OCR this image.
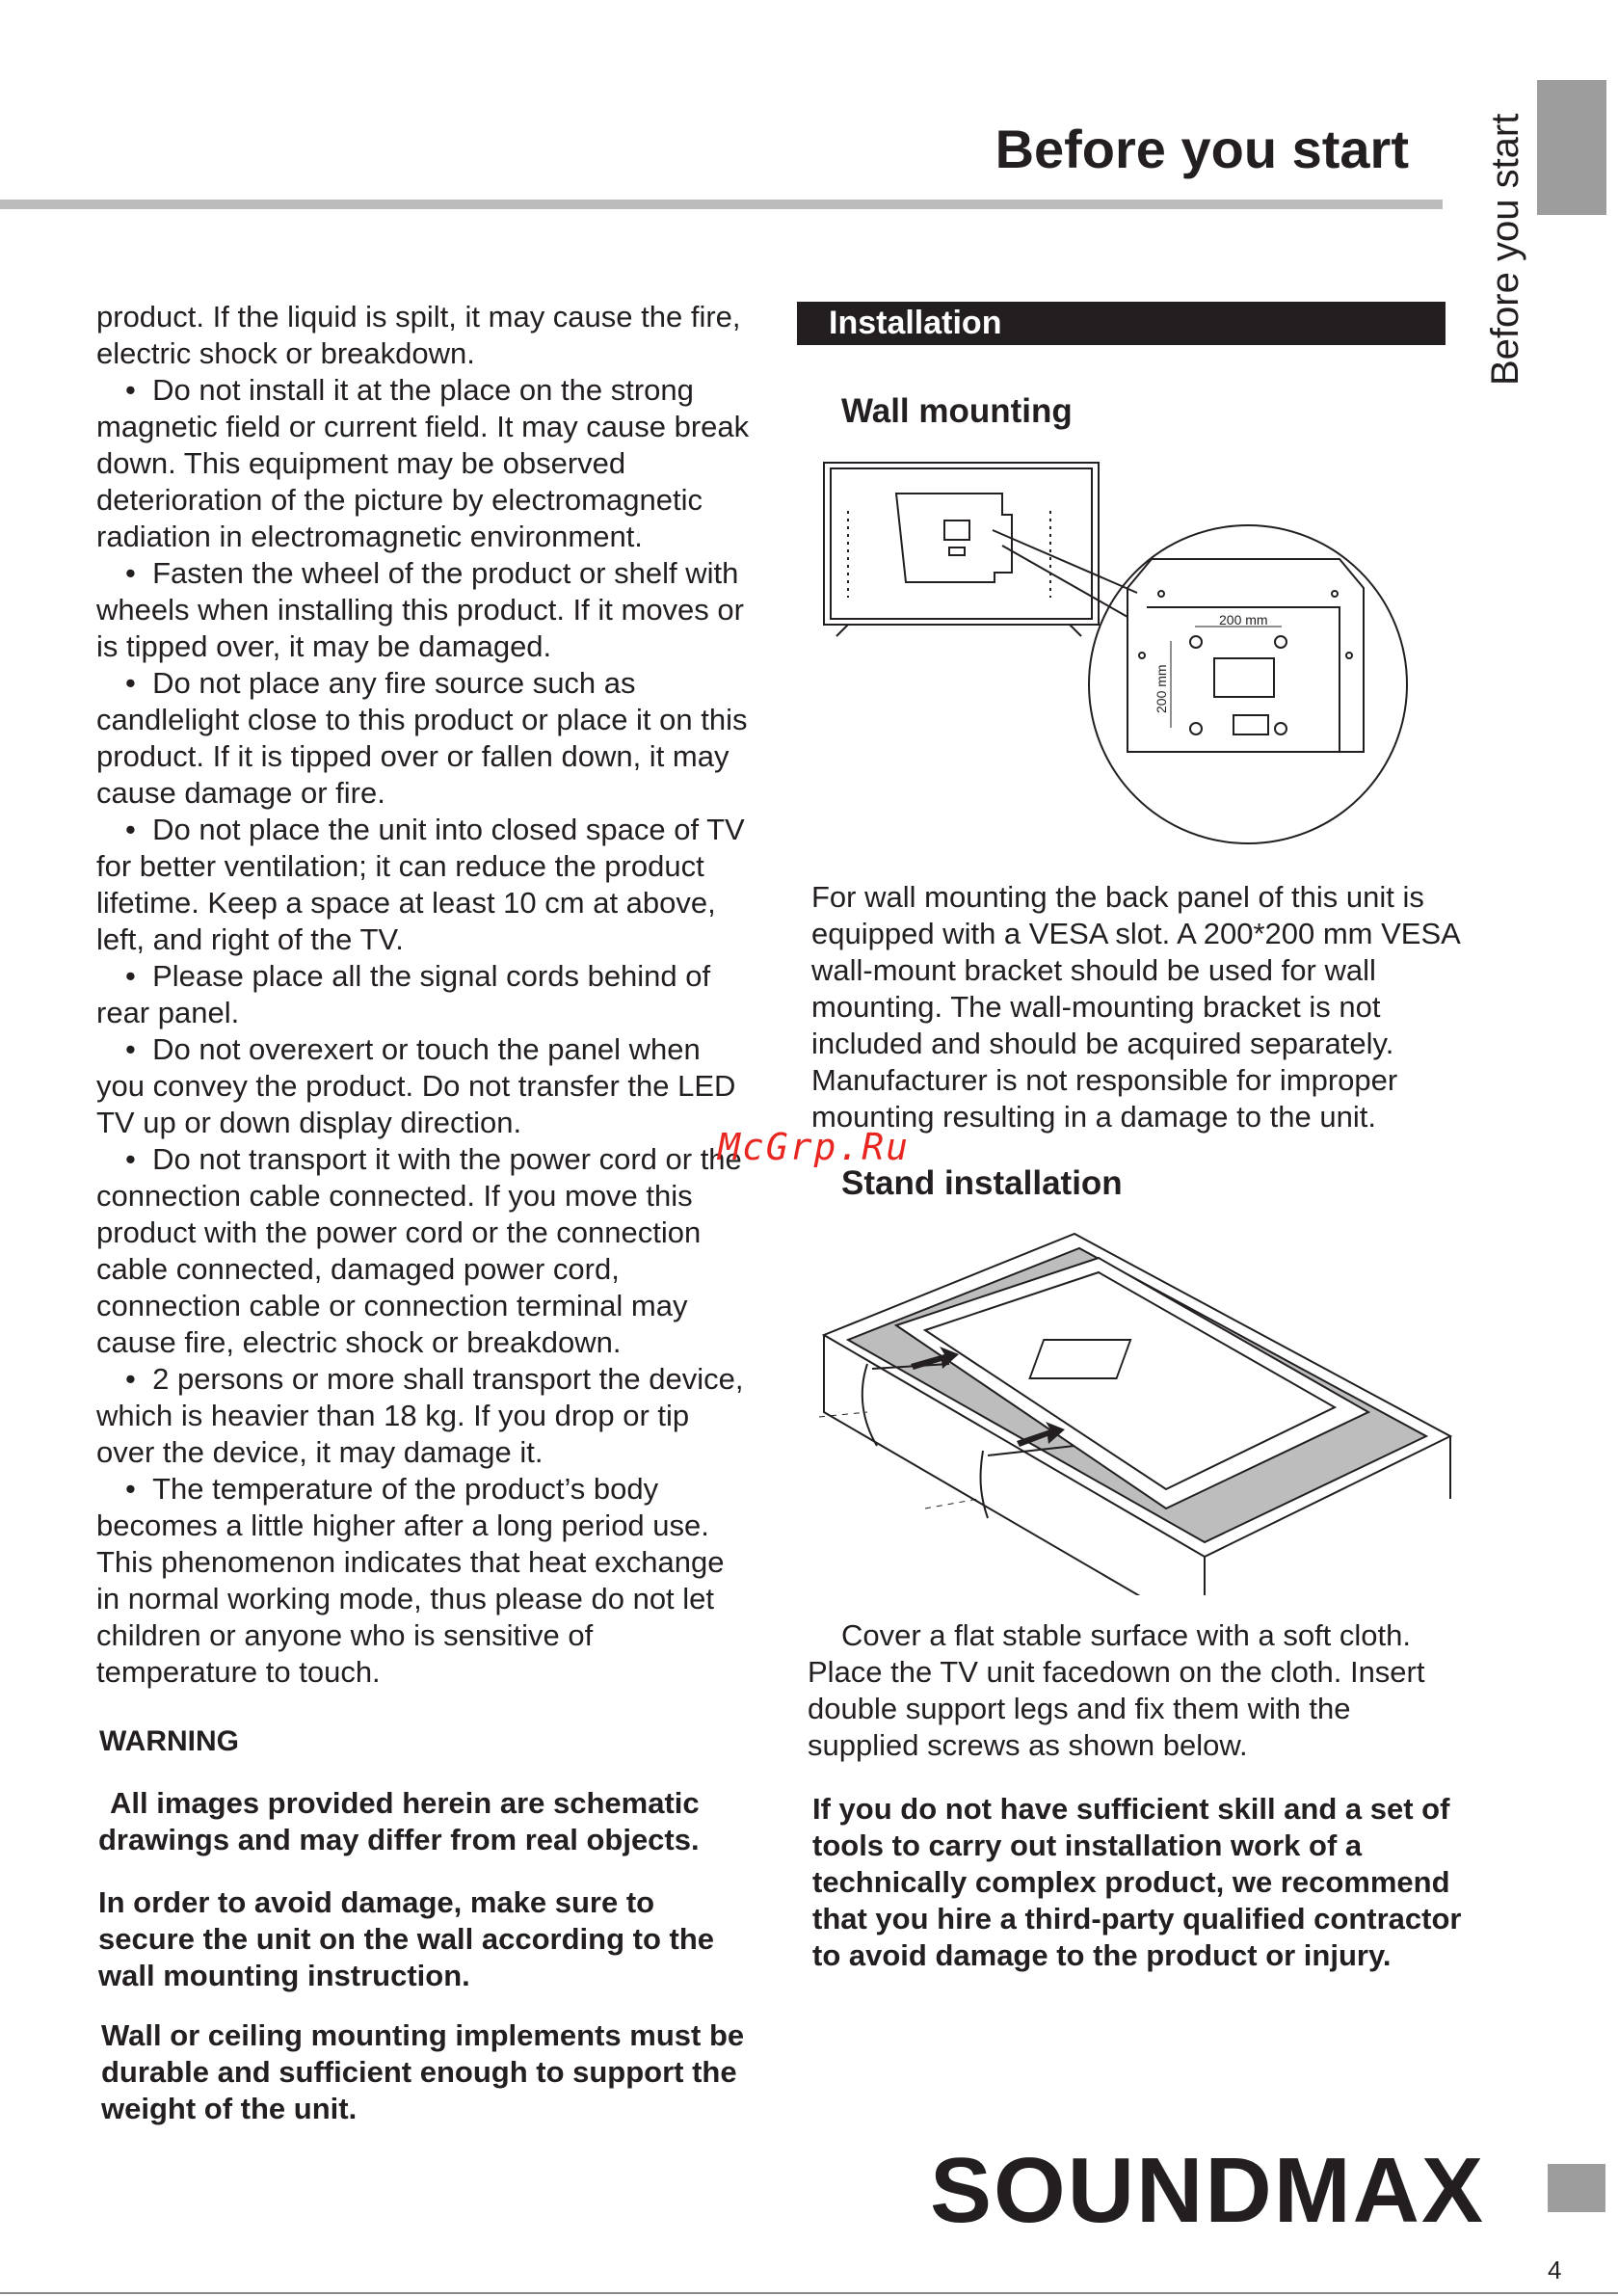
Before you start Before you start

product. If the liquid is spilt, it may cause the fire, electric shock or breakdown.

•  Do not install it at the place on the strong magnetic field or current field. It may cause break down. This equipment may be observed deterioration of the picture by electromagnetic radiation in electromagnetic environment.

•  Fasten the wheel of the product or shelf with wheels when installing this product. If it moves or is tipped over, it may be damaged.

•  Do not place any fire source such as candlelight close to this product or place it on this product. If it is tipped over or fallen down, it may cause damage or fire.

•  Do not place the unit into closed space of TV for better ventilation; it can reduce the product lifetime. Keep a space at least 10 cm at above, left, and right of the TV.

•  Please place all the signal cords behind of rear panel.

•  Do not overexert or touch the panel when you convey the product. Do not transfer the LED TV up or down display direction.

•  Do not transport it with the power cord or the connection cable connected. If you move this product with the power cord or the connection cable connected, damaged power cord, connection cable or connection terminal may cause fire, electric shock or breakdown.

•  2 persons or more shall transport the device, which is heavier than 18 kg. If you drop or tip over the device, it may damage it.

•  The temperature of the product’s body becomes a little higher after a long period use. This phenomenon indicates that heat exchange in normal working mode, thus please do not let children or anyone who is sensitive of temperature to touch.

WARNING

All images provided herein are schematic drawings and may differ from real objects.

In order to avoid damage, make sure to secure the unit on the wall according to the wall mounting instruction.

Wall or ceiling mounting implements must be durable and sufficient enough to support the weight of the unit.

Installation
Wall mounting
200 mm
200 mm

For wall mounting the back panel of this unit is equipped with a VESA slot. A 200*200 mm VESA wall-mount bracket should be used for wall mounting. The wall-mounting bracket is not included and should be acquired separately. Manufacturer is not responsible for improper mounting resulting in a damage to the unit.

McGrp.Ru
Stand installation

Cover a flat stable surface with a soft cloth. Place the TV unit facedown on the cloth. Insert double support legs and fix them with the supplied screws as shown below.

If you do not have sufficient skill and a set of tools to carry out installation work of a technically complex product, we recommend that you hire a third-party qualified contractor to avoid damage to the product or injury.

SOUNDMAX
4
